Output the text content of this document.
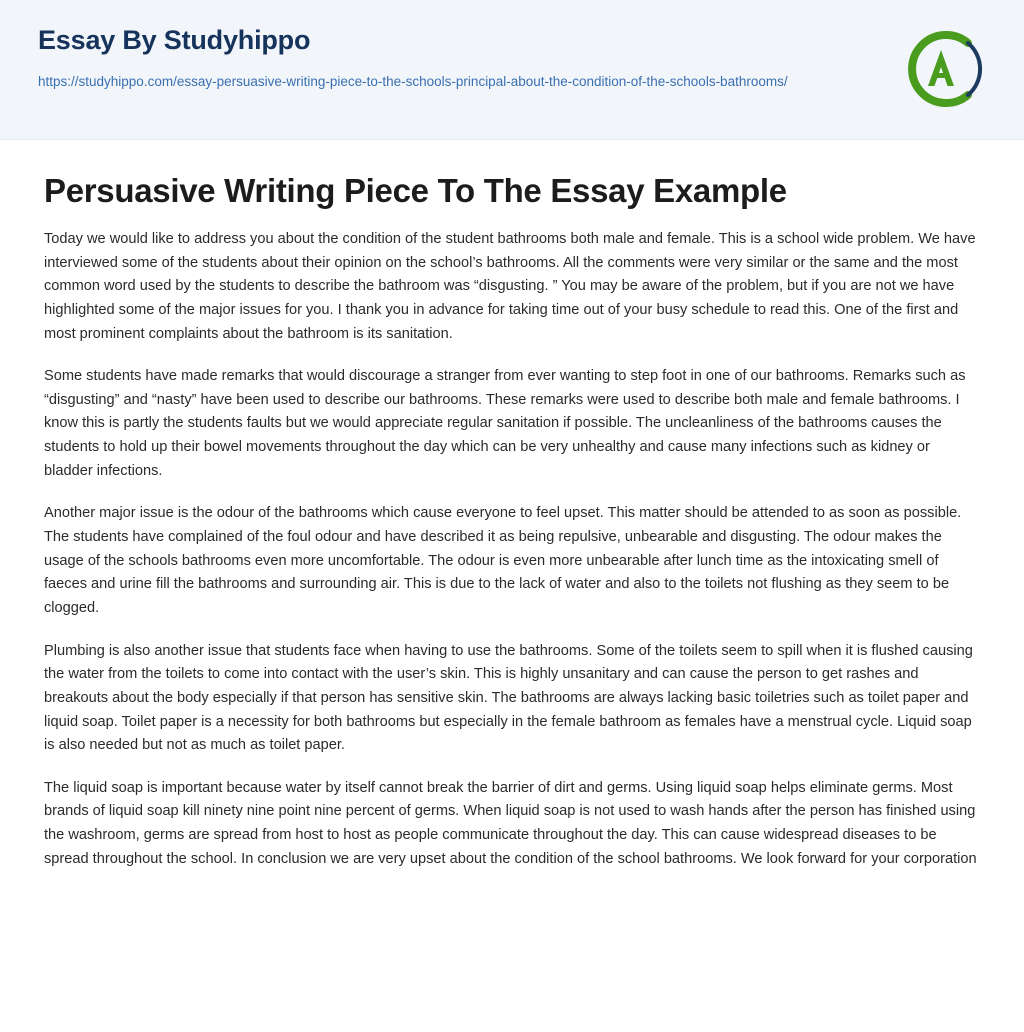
Essay By Studyhippo
https://studyhippo.com/essay-persuasive-writing-piece-to-the-schools-principal-about-the-condition-of-the-schools-bathrooms/
Persuasive Writing Piece To The Essay Example

Today we would like to address you about the condition of the student bathrooms both male and female. This is a school wide problem. We have interviewed some of the students about their opinion on the school’s bathrooms. All the comments were very similar or the same and the most common word used by the students to describe the bathroom was “disgusting. ” You may be aware of the problem, but if you are not we have highlighted some of the major issues for you. I thank you in advance for taking time out of your busy schedule to read this. One of the first and most prominent complaints about the bathroom is its sanitation.

Some students have made remarks that would discourage a stranger from ever wanting to step foot in one of our bathrooms. Remarks such as “disgusting” and “nasty” have been used to describe our bathrooms. These remarks were used to describe both male and female bathrooms. I know this is partly the students faults but we would appreciate regular sanitation if possible. The uncleanliness of the bathrooms causes the students to hold up their bowel movements throughout the day which can be very unhealthy and cause many infections such as kidney or bladder infections.

Another major issue is the odour of the bathrooms which cause everyone to feel upset. This matter should be attended to as soon as possible. The students have complained of the foul odour and have described it as being repulsive, unbearable and disgusting. The odour makes the usage of the schools bathrooms even more uncomfortable. The odour is even more unbearable after lunch time as the intoxicating smell of faeces and urine fill the bathrooms and surrounding air. This is due to the lack of water and also to the toilets not flushing as they seem to be clogged.

Plumbing is also another issue that students face when having to use the bathrooms. Some of the toilets seem to spill when it is flushed causing the water from the toilets to come into contact with the user’s skin. This is highly unsanitary and can cause the person to get rashes and breakouts about the body especially if that person has sensitive skin. The bathrooms are always lacking basic toiletries such as toilet paper and liquid soap. Toilet paper is a necessity for both bathrooms but especially in the female bathroom as females have a menstrual cycle. Liquid soap is also needed but not as much as toilet paper.

The liquid soap is important because water by itself cannot break the barrier of dirt and germs. Using liquid soap helps eliminate germs. Most brands of liquid soap kill ninety nine point nine percent of germs. When liquid soap is not used to wash hands after the person has finished using the washroom, germs are spread from host to host as people communicate throughout the day. This can cause widespread diseases to be spread throughout the school. In conclusion we are very upset about the condition of the school bathrooms. We look forward for your corporation
